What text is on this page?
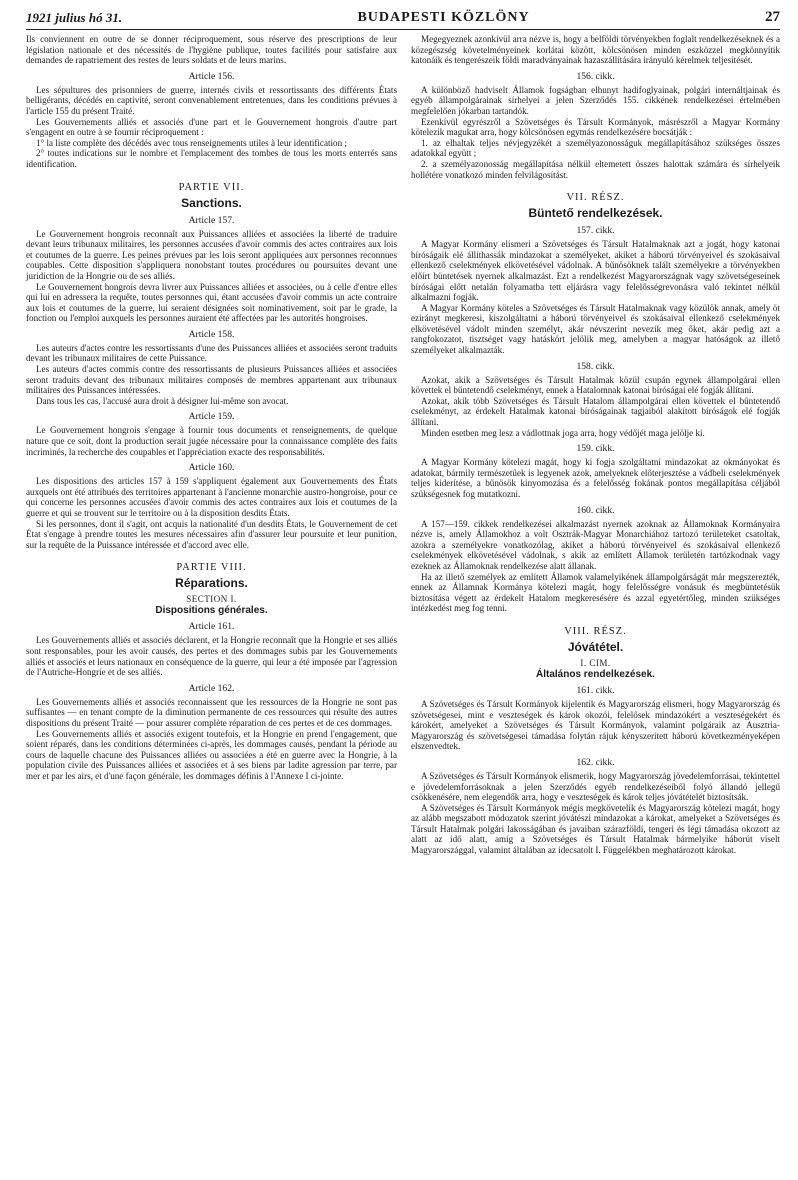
1921 julius hó 31.	BUDAPESTI KÖZLÖNY	27

Ils conviennent en outre de se donner réciproquement, sous réserve des prescriptions de leur législation nationale et des nécessités de l'hygiène publique, toutes facilités pour satisfaire aux demandes de rapatriement des restes de leurs soldats et de leurs marins.

Article 156.

Les sépultures des prisonniers de guerre, internés civils et ressortissants des différents États belligérants, décédés en captivité, seront convenablement entretenues, dans les conditions prévues à l'article 155 du présent Traité.

Les Gouvernements alliés et associés d'une part et le Gouvernement hongrois d'autre part s'engagent en outre à se fournir réciproquement :

1° la liste complète des décédés avec tous renseignements utiles à leur identification ;

2° toutes indications sur le nombre et l'emplacement des tombes de tous les morts enterrés sans identification.

PARTIE VII.
Sanctions.
Article 157.

Le Gouvernement hongrois reconnaît aux Puissances alliées et associées la liberté de traduire devant leurs tribunaux militaires, les personnes accusées d'avoir commis des actes contraires aux lois et coutumes de la guerre. Les peines prévues par les lois seront appliquées aux personnes reconnues coupables. Cette disposition s'appliquera nonobstant toutes procédures ou poursuites devant une juridiction de la Hongrie ou de ses alliés.

Le Gouvernement hongrois devra livrer aux Puissances alliées et associées, ou à celle d'entre elles qui lui en adressera la requête, toutes personnes qui, étant accusées d'avoir commis un acte contraire aux lois et coutumes de la guerre, lui seraient désignées soit nominativement, soit par le grade, la fonction ou l'emploi auxquels les personnes auraient été affectées par les autorités hongroises.

Article 158.

Les auteurs d'actes contre les ressortissants d'une des Puissances alliées et associées seront traduits devant les tribunaux militaires de cette Puissance.

Les auteurs d'actes commis contre des ressortissants de plusieurs Puissances alliées et associées seront traduits devant des tribunaux militaires composés de membres appartenant aux tribunaux militaires des Puissances intéressées.

Dans tous les cas, l'accusé aura droit à désigner lui-même son avocat.

Article 159.

Le Gouvernement hongrois s'engage à fournir tous documents et renseignements, de quelque nature que ce soit, dont la production serait jugée nécessaire pour la connaissance complète des faits incriminés, la recherche des coupables et l'appréciation exacte des responsabilités.

Article 160.

Les dispositions des articles 157 à 159 s'appliquent également aux Gouvernements des États auxquels ont été attribués des territoires appartenant à l'ancienne monarchie austro-hongroise, pour ce qui concerne les personnes accusées d'avoir commis des actes contraires aux lois et coutumes de la guerre et qui se trouvent sur le territoire ou à la disposition desdits États.

Si les personnes, dont il s'agit, ont acquis la nationalité d'un desdits États, le Gouvernement de cet État s'engage à prendre toutes les mesures nécessaires afin d'assurer leur poursuite et leur punition, sur la requête de la Puissance intéressée et d'accord avec elle.

PARTIE VIII.
Réparations.
SECTION I.
Dispositions générales.
Article 161.

Les Gouvernements alliés et associés déclarent, et la Hongrie reconnaît que la Hongrie et ses alliés sont responsables, pour les avoir causés, des pertes et des dommages subis par les Gouvernements alliés et associés et leurs nationaux en conséquence de la guerre, qui leur a été imposée par l'agression de l'Autriche-Hongrie et de ses alliés.

Article 162.

Les Gouvernements alliés et associés reconnaissent que les ressources de la Hongrie ne sont pas suffisantes — en tenant compte de la diminution permanente de ces ressources qui résulte des autres dispositions du présent Traité — pour assurer complète réparation de ces pertes et de ces dommages.

Les Gouvernements alliés et associés exigent toutefois, et la Hongrie en prend l'engagement, que soient réparés, dans les conditions déterminées ci-après, les dommages causés, pendant la période au cours de laquelle chacune des Puissances alliées ou associées a été en guerre avec la Hongrie, à la population civile des Puissances alliées et associées et à ses biens par ladite agression par terre, par mer et par les airs, et d'une façon générale, les dommages définis à l'Annexe I ci-jointe.

Megegyeznek azonkívül arra nézve is, hogy a belföldi törvényekben foglalt rendelkezéseknek és a közegészség követelményeinek korlátai között, kölcsönösen minden eszközzel megkönnyítik katonáik és tengerészeik földi maradványainak hazaszállítására irányuló kérelmek teljesítését.

156. cikk.

A különböző hadviselt Államok fogságban elhunyt hadifoglyainak, polgári internáltjainak és egyéb állampolgárainak sírhelyei a jelen Szerződés 155. cikkének rendelkezései értelmében megfelelően jókarban tartandók.

Ezenkívül egyrészről a Szövetséges és Társult Kormányok, másrészről a Magyar Kormány kötelezik magukat arra, hogy kölcsönösen egymás rendelkezésére bocsátják :

1. az elhaltak teljes névjegyzékét a személyazonosságuk megállapításához szükséges összes adatokkal együtt ;

2. a személyazonosság megállapítása nélkül eltemetett összes halottak számára és sírhelyeik hollétére vonatkozó minden felvilágosítást.

VII. RÉSZ.
Büntető rendelkezések.
157. cikk.

A Magyar Kormány elismeri a Szövetséges és Társult Hatalmaknak azt a jogát, hogy katonai bíróságaik elé állíthassák mindazokat a személyeket, akiket a háború törvényeivel és szokásaival ellenkező cselekmények elkövetésével vádolnak. A bűnösöknek talált személyekre a törvényekben előírt büntetések nyernek alkalmazást. Ezt a rendelkezést Magyarországnak vagy szövetségeseinek bíróságai előtt netalán folyamatba tett eljárásra vagy felelősségrevonásra való tekintet nélkül alkalmazni fogják.

A Magyar Kormány köteles a Szövetséges és Társult Hatalmaknak vagy közülök annak, amely öt ezirányt megkeresi, kiszolgáltatni a háború törvényeivel és szokásaival ellenkező cselekmények elkövetésével vádolt minden személyt, akár névszerint nevezik meg őket, akár pedig azt a rangfokozatot, tisztséget vagy hatáskört jelölik meg, amelyben a magyar hatóságok az illető személyeket alkalmazták.

158. cikk.

Azokat, akik a Szövetséges és Társult Hatalmak közül csupán egynek állampolgárai ellen követtek el bűntetendő cselekményt, ennek a Hatalomnak katonai bíróságai elé fogják állítani.

Azokat, akik több Szövetséges és Társult Hatalom állampolgárai ellen követtek el bűntetendő cselekményt, az érdekelt Hatalmak katonai bíróságainak tagjaiból alakított bíróságok elé fogják állítani.

Minden esetben meg lesz a vádlottnak joga arra, hogy védőjét maga jelölje ki.

159. cikk.

A Magyar Kormány kötelezi magát, hogy ki fogja szolgáltatni mindazokat az okmányokat és adatokat, bármily természetűek is legyenek azok, amelyeknek előterjesztése a vádbeli cselekmények teljes kiderítése, a bűnösök kinyomozása és a felelősség fokának pontos megállapítása céljából szükségesnek fog mutatkozni.

160. cikk.

A 157—159. cikkek rendelkezései alkalmazást nyernek azoknak az Államoknak Kormányaira nézve is, amely Államokhoz a volt Osztrák-Magyar Monarchiához tartozó területeket csatoltak, azokra a személyekre vonatkozólag, akiket a háború törvényeivel és szokásaival ellenkező cselekmények elkövetésével vádolnak, s akik az említett Államok területén tartózkodnak vagy ezeknek az Államoknak rendelkezése alatt állanak.

Ha az illető személyek az említett Államok valamelyikének állampolgárságát már megszerezték, ennek az Államnak Kormánya kötelezi magát, hogy felelősségre vonásuk és megbüntetésük biztosítása végett az érdekelt Hatalom megkeresésére és azzal egyetértőleg, minden szükséges intézkedést meg fog tenni.

VIII. RÉSZ.
Jóvátétel.
I. CIM.
Általános rendelkezések.
161. cikk.

A Szövetséges és Társult Kormányok kijelentik és Magyarország elismeri, hogy Magyarország és szövetségesei, mint e veszteségek és károk okozói, felelősek mindazokért a veszteségekért és károkért, amelyeket a Szövetséges és Társult Kormányok, valamint polgáraik az Ausztria-Magyarország és szövetségesei támadása folytán rájuk kényszerített háború következményeképen elszenvedtek.

162. cikk.

A Szövetséges és Társult Kormányok elismerik, hogy Magyarország jövedelemforrásai, tekintettel e jövedelemforrásoknak a jelen Szerződés egyéb rendelkezéseiből folyó állandó jellegű csökkenésére, nem elegendők arra, hogy e veszteségek és károk teljes jóvátételét biztosítsák.

A Szövetséges és Társult Kormányok mégis megkövetelik és Magyarország kötelezi magát, hogy az alább megszabott módozatok szerint jóvátészi mindazokat a károkat, amelyeket a Szövetséges és Társult Hatalmak polgári lakosságában és javaiban szárazföldi, tengeri és légi támadása okozott az alatt az idő alatt, amíg a Szövetséges és Társult Hatalmak bármelyike háborút viselt Magyarországgal, valamint általában az idecsatolt I. Függelékben meghatározott károkat.
